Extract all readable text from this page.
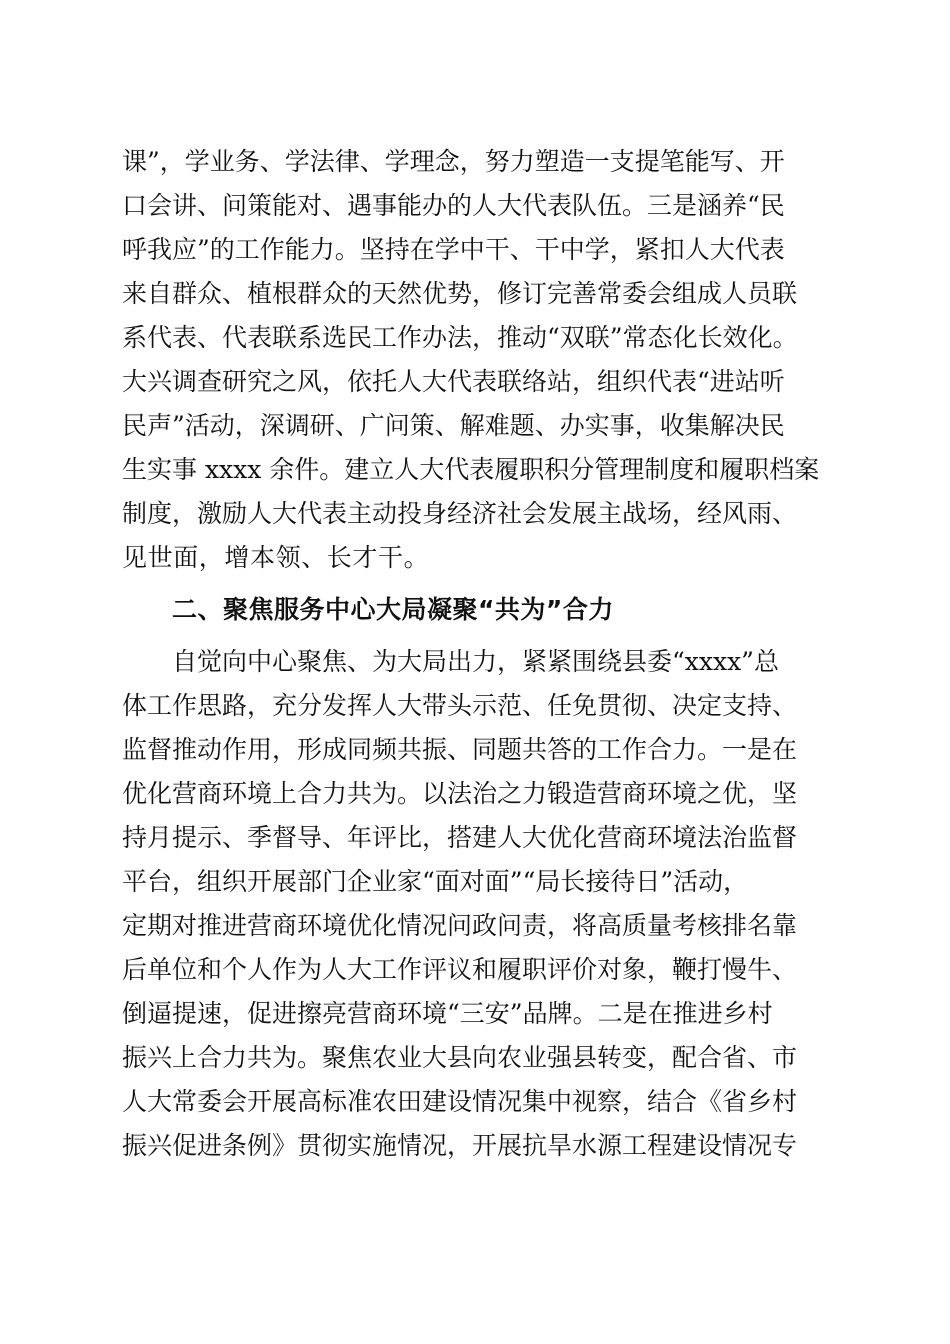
课”，学业务、学法律、学理念，努力塑造一支提笔能写、开
口会讲、问策能对、遇事能办的人大代表队伍。三是涵养“民
呼我应”的工作能力。坚持在学中干、干中学，紧扣人大代表
来自群众、植根群众的天然优势，修订完善常委会组成人员联
系代表、代表联系选民工作办法，推动“双联”常态化长效化。
大兴调查研究之风，依托人大代表联络站，组织代表“进站听
民声”活动，深调研、广问策、解难题、办实事，收集解决民
生实事 xxxx 余件。建立人大代表履职积分管理制度和履职档案
制度，激励人大代表主动投身经济社会发展主战场，经风雨、
见世面，增本领、长才干。
二、聚焦服务中心大局凝聚“共为”合力
自觉向中心聚焦、为大局出力，紧紧围绕县委“xxxx”总
体工作思路，充分发挥人大带头示范、任免贯彻、决定支持、
监督推动作用，形成同频共振、同题共答的工作合力。一是在
优化营商环境上合力共为。以法治之力锻造营商环境之优，坚
持月提示、季督导、年评比，搭建人大优化营商环境法治监督
平台，组织开展部门企业家“面对面”“局长接待日”活动，
定期对推进营商环境优化情况问政问责，将高质量考核排名靠
后单位和个人作为人大工作评议和履职评价对象，鞭打慢牛、
倒逼提速，促进擦亮营商环境“三安”品牌。二是在推进乡村
振兴上合力共为。聚焦农业大县向农业强县转变，配合省、市
人大常委会开展高标准农田建设情况集中视察，结合《省乡村
振兴促进条例》贯彻实施情况，开展抗旱水源工程建设情况专
